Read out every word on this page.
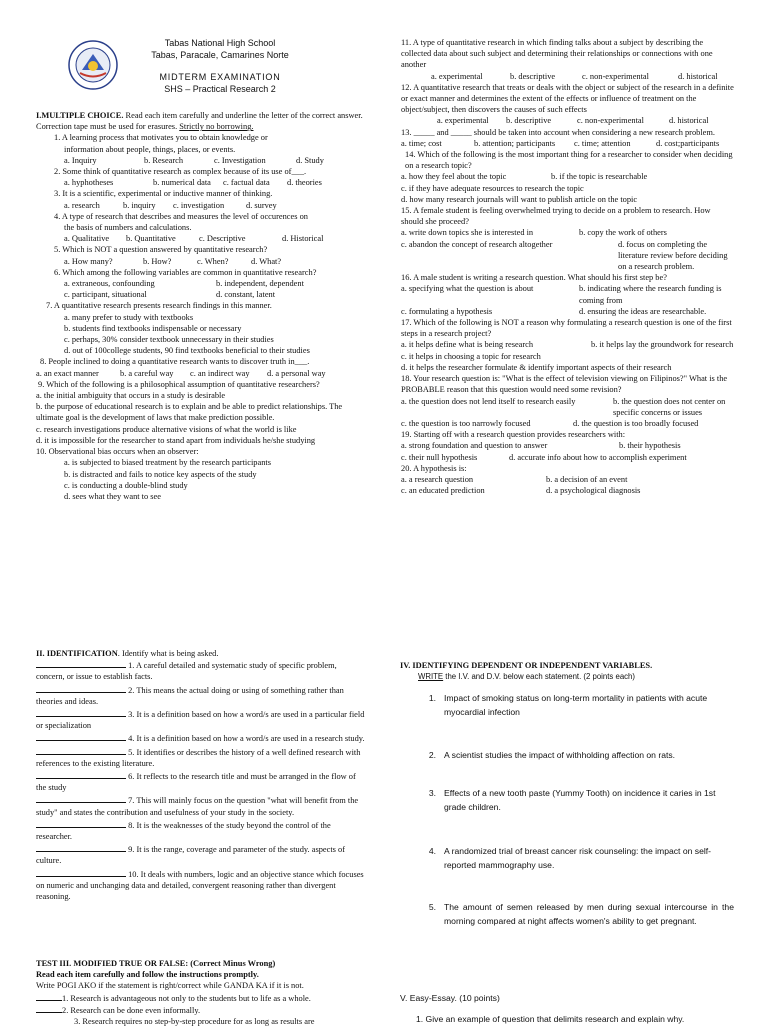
Tabas National High School
Tabas, Paracale, Camarines Norte
MIDTERM EXAMINATION
SHS – Practical Research 2
I.MULTIPLE CHOICE. Read each item carefully and underline the letter of the correct answer. Correction tape must be used for erasures. Strictly no borrowing.
1. A learning process that motivates you to obtain knowledge or
information about people, things, places, or events.
a. Inquiry	b. Research	c. Investigation	d. Study
2. Some think of quantitative research as complex because of its use of___.
a. hyphotheses	b. numerical data	c. factual data	d. theories
3. It is a scientific, experimental or inductive manner of thinking.
a. research	b. inquiry	c. investigation	d. survey
4. A type of research that describes and measures the level of occurences on
the basis of numbers and calculations.
a. Qualitative	b. Quantitative	c. Descriptive	d. Historical
5. Which is NOT a question answered by quantitative research?
a. How many?	b. How?	c. When?	d. What?
6. Which among the following variables are common in quantitative research?
a. extraneous, confounding	b. independent, dependent
c. participant, situational	d. constant, latent
7. A quantitative research presents research findings in this manner.
a. many prefer to study with textbooks
b. students find textbooks indispensable or necessary
c. perhaps, 30% consider textbook unnecessary in their studies
d. out of 100college students, 90 find textbooks beneficial to their studies
8. People inclined to doing a quantitative research wants to discover truth in___.
a. an exact manner	b. a careful way	c. an indirect way	d. a personal way
9. Which of the following is a philosophical assumption of quantitative researchers?
a. the initial ambiguity that occurs in a study is desirable
b. the purpose of educational research is to explain and be able to predict relationships. The ultimate goal is the development of laws that make prediction possible.
c. research investigations produce alternative visions of what the world is like
d. it is impossible for the researcher to stand apart from individuals he/she studying
10. Observational bias occurs when an observer:
a. is subjected to biased treatment by the research participants
b. is distracted and fails to notice key aspects of the study
c. is conducting a double-blind study
d. sees what they want to see
11. A type of quantitative research in which finding talks about a subject by describing the collected data about such subject and determining their relationships or connections with one another
a. experimental	b. descriptive	c. non-experimental	d. historical
12. A quantitative research that treats or deals with the object or subject of the research in a definite or exact manner and determines the extent of the effects or influence of treatment on the object/subject, then discovers the causes of such effects
a. experimental	b. descriptive	c. non-experimental	d. historical
13. _____ and _____ should be taken into account when considering a new research problem.
a. time; cost	b. attention; participants	c. time; attention	d. cost;participants
14. Which of the following is the most important thing for a researcher to consider when deciding on a research topic?
a. how they feel about the topic	b. if the topic is researchable
c. if they have adequate resources to research the topic
d. how many research journals will want to publish article on the topic
15. A female student is feeling overwhelmed trying to decide on a problem to research. How should she proceed?
a. write down topics she is interested in	b. copy the work of others
c. abandon the concept of research altogether	d. focus on completing the literature review before deciding on a research problem.
16. A male student is writing a research question. What should his first step be?
a. specifying what the question is about	b. indicating where the research funding is coming from
c. formulating a hypothesis	d. ensuring the ideas are researchable.
17. Which of the following is NOT a reason why formulating a research question is one of the first steps in a research project?
a. it helps define what is being research	b. it helps lay the groundwork for research
c. it helps in choosing a topic for research
d. it helps the researcher formulate & identify important aspects of their research
18. Your research question is: "What is the effect of television viewing on Filipinos?" What is the PROBABLE reason that this question would need some revision?
a. the question does not lend itself to research easily	b. the question does not center on specific concerns or issues
c. the question is too narrowly focused	d. the question is too broadly focused
19. Starting off with a research question provides researchers with:
a. strong foundation and question to answer	b. their hypothesis
c. their null hypothesis	d. accurate info about how to accomplish experiment
20. A hypothesis is:
a. a research question	b. a decision of an event
c. an educated prediction	d. a psychological diagnosis
II. IDENTIFICATION. Identify what is being asked.
1. A careful detailed and systematic study of specific problem, concern, or issue to establish facts.
2. This means the actual doing or using of something rather than theories and ideas.
3. It is a definition based on how a word/s are used in a particular field or specialization
4. It is a definition based on how a word/s are used in a research study.
5. It identifies or describes the history of a well defined research with references to the existing literature.
6. It reflects to the research title and must be arranged in the flow of the study
7. This will mainly focus on the question "what will benefit from the study" and states the contribution and usefulness of your study in the society.
8. It is the weaknesses of the study beyond the control of the researcher.
9. It is the range, coverage and parameter of the study. aspects of culture.
10. It deals with numbers, logic and an objective stance which focuses on numeric and unchanging data and detailed, convergent reasoning rather than divergent reasoning.
TEST III. MODIFIED TRUE OR FALSE: (Correct Minus Wrong)
Read each item carefully and follow the instructions promptly.
Write POGI AKO if the statement is right/correct while GANDA KA if it is not.
1. Research is advantageous not only to the students but to life as a whole.
2. Research can be done even informally.
3. Research requires no step-by-step procedure for as long as results are
IV. IDENTIFYING DEPENDENT OR INDEPENDENT VARIABLES.
WRITE the I.V. and D.V. below each statement. (2 points each)
1. Impact of smoking status on long-term mortality in patients with acute myocardial infection
2. A scientist studies the impact of withholding affection on rats.
3. Effects of a new tooth paste (Yummy Tooth) on incidence it caries in 1st grade children.
4. A randomized trial of breast cancer risk counseling: the impact on self-reported mammography use.
5. The amount of semen released by men during sexual intercourse in the morning compared at night affects women's ability to get pregnant.
V. Easy-Essay. (10 points)
1. Give an example of question that delimits research and explain why.
